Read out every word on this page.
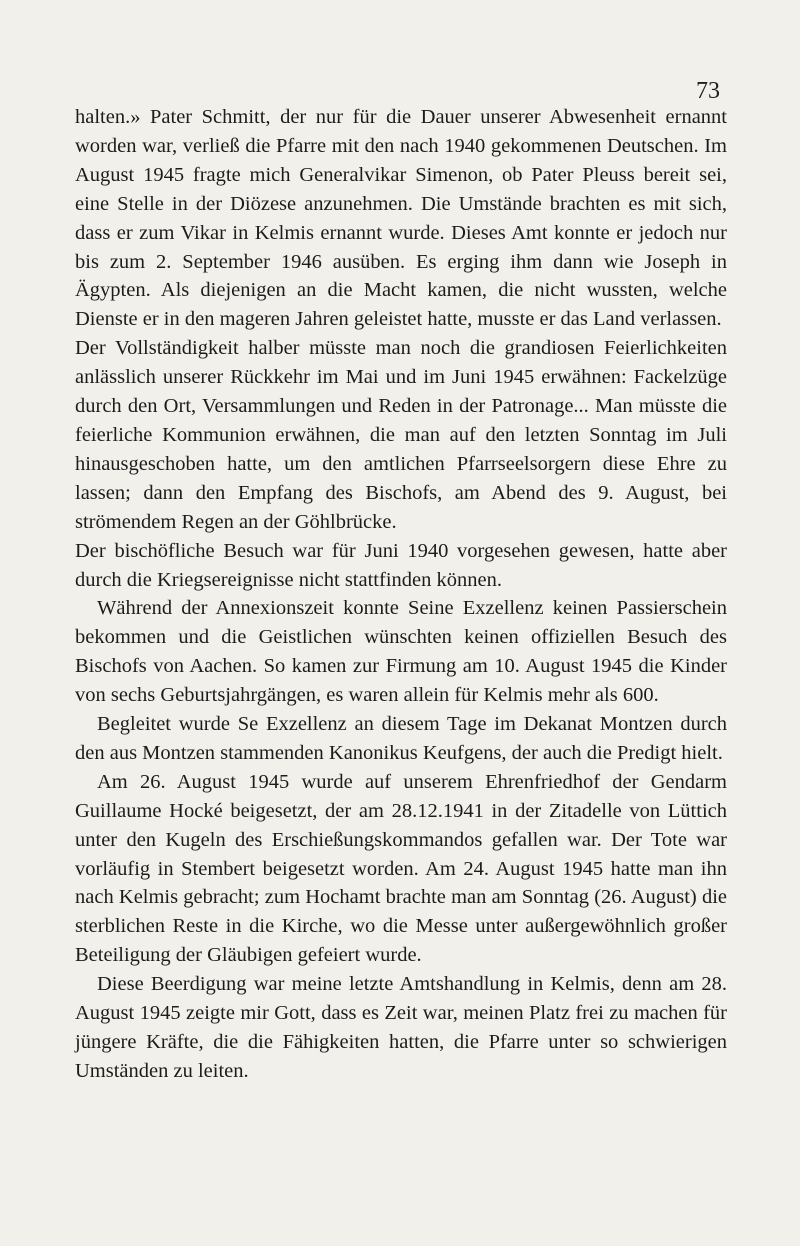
73

halten.» Pater Schmitt, der nur für die Dauer unserer Abwesenheit ernannt worden war, verließ die Pfarre mit den nach 1940 gekommenen Deutschen. Im August 1945 fragte mich Generalvikar Simenon, ob Pater Pleuss bereit sei, eine Stelle in der Diözese anzunehmen. Die Umstände brachten es mit sich, dass er zum Vikar in Kelmis ernannt wurde. Dieses Amt konnte er jedoch nur bis zum 2. September 1946 ausüben. Es erging ihm dann wie Joseph in Ägypten. Als diejenigen an die Macht kamen, die nicht wussten, welche Dienste er in den mageren Jahren geleistet hatte, musste er das Land verlassen.

Der Vollständigkeit halber müsste man noch die grandiosen Feierlichkeiten anlässlich unserer Rückkehr im Mai und im Juni 1945 erwähnen: Fackelzüge durch den Ort, Versammlungen und Reden in der Patronage... Man müsste die feierliche Kommunion erwähnen, die man auf den letzten Sonntag im Juli hinausgeschoben hatte, um den amtlichen Pfarrseelsorgern diese Ehre zu lassen; dann den Empfang des Bischofs, am Abend des 9. August, bei strömendem Regen an der Göhlbrücke.

Der bischöfliche Besuch war für Juni 1940 vorgesehen gewesen, hatte aber durch die Kriegsereignisse nicht stattfinden können.

Während der Annexionszeit konnte Seine Exzellenz keinen Passierschein bekommen und die Geistlichen wünschten keinen offiziellen Besuch des Bischofs von Aachen. So kamen zur Firmung am 10. August 1945 die Kinder von sechs Geburtsjahrgängen, es waren allein für Kelmis mehr als 600.

Begleitet wurde Se Exzellenz an diesem Tage im Dekanat Montzen durch den aus Montzen stammenden Kanonikus Keufgens, der auch die Predigt hielt.

Am 26. August 1945 wurde auf unserem Ehrenfriedhof der Gendarm Guillaume Hocké beigesetzt, der am 28.12.1941 in der Zitadelle von Lüttich unter den Kugeln des Erschießungskommandos gefallen war. Der Tote war vorläufig in Stembert beigesetzt worden. Am 24. August 1945 hatte man ihn nach Kelmis gebracht; zum Hochamt brachte man am Sonntag (26. August) die sterblichen Reste in die Kirche, wo die Messe unter außergewöhnlich großer Beteiligung der Gläubigen gefeiert wurde.

Diese Beerdigung war meine letzte Amtshandlung in Kelmis, denn am 28. August 1945 zeigte mir Gott, dass es Zeit war, meinen Platz frei zu machen für jüngere Kräfte, die die Fähigkeiten hatten, die Pfarre unter so schwierigen Umständen zu leiten.
